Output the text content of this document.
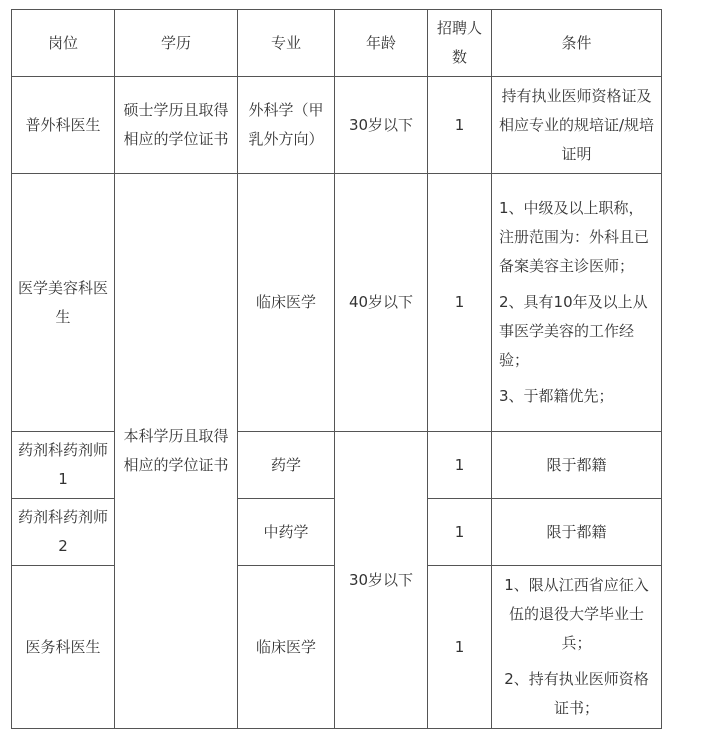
岗位	学历	专业	年龄	招聘人数	条件
普外科医生	硕士学历且取得相应的学位证书	外科学（甲乳外方向）	30岁以下	1	持有执业医师资格证及相应专业的规培证/规培证明
医学美容科医生	本科学历且取得相应的学位证书	临床医学	40岁以下	1	1、中级及以上职称，注册范围为：外科且已备案美容主诊医师；
2、具有10年及以上从事医学美容的工作经验；
3、于都籍优先；

药剂科药剂师1		药学	30岁以下	1	限于都籍
药剂科药剂师2		中药学		1	限于都籍
医务科医生		临床医学		1	1、限从江西省应征入伍的退役大学毕业士兵；
2、持有执业医师资格证书；
